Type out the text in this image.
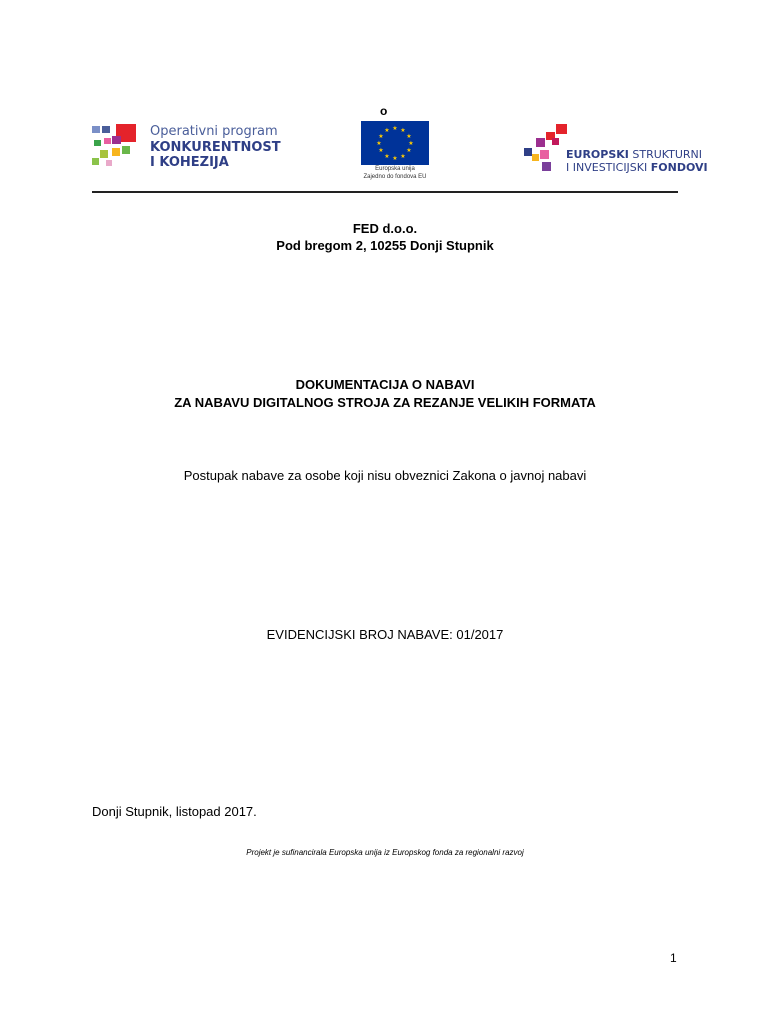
o
Operativni program
KONKURENTNOST
I KOHEZIJA
★ ★
★
★
★
★
★
★
★
★
★
★
Europska unija
Zajedno do fondova EU
EUROPSKI STRUKTURNI
I INVESTICIJSKI FONDOVI
FED d.o.o.
Pod bregom 2, 10255 Donji Stupnik
DOKUMENTACIJA O NABAVI
ZA NABAVU DIGITALNOG STROJA ZA REZANJE VELIKIH FORMATA
Postupak nabave za osobe koji nisu obveznici Zakona o javnoj nabavi
EVIDENCIJSKI BROJ NABAVE: 01/2017
Donji Stupnik, listopad 2017.
Projekt je sufinancirala Europska unija iz Europskog fonda za regionalni razvoj
1
